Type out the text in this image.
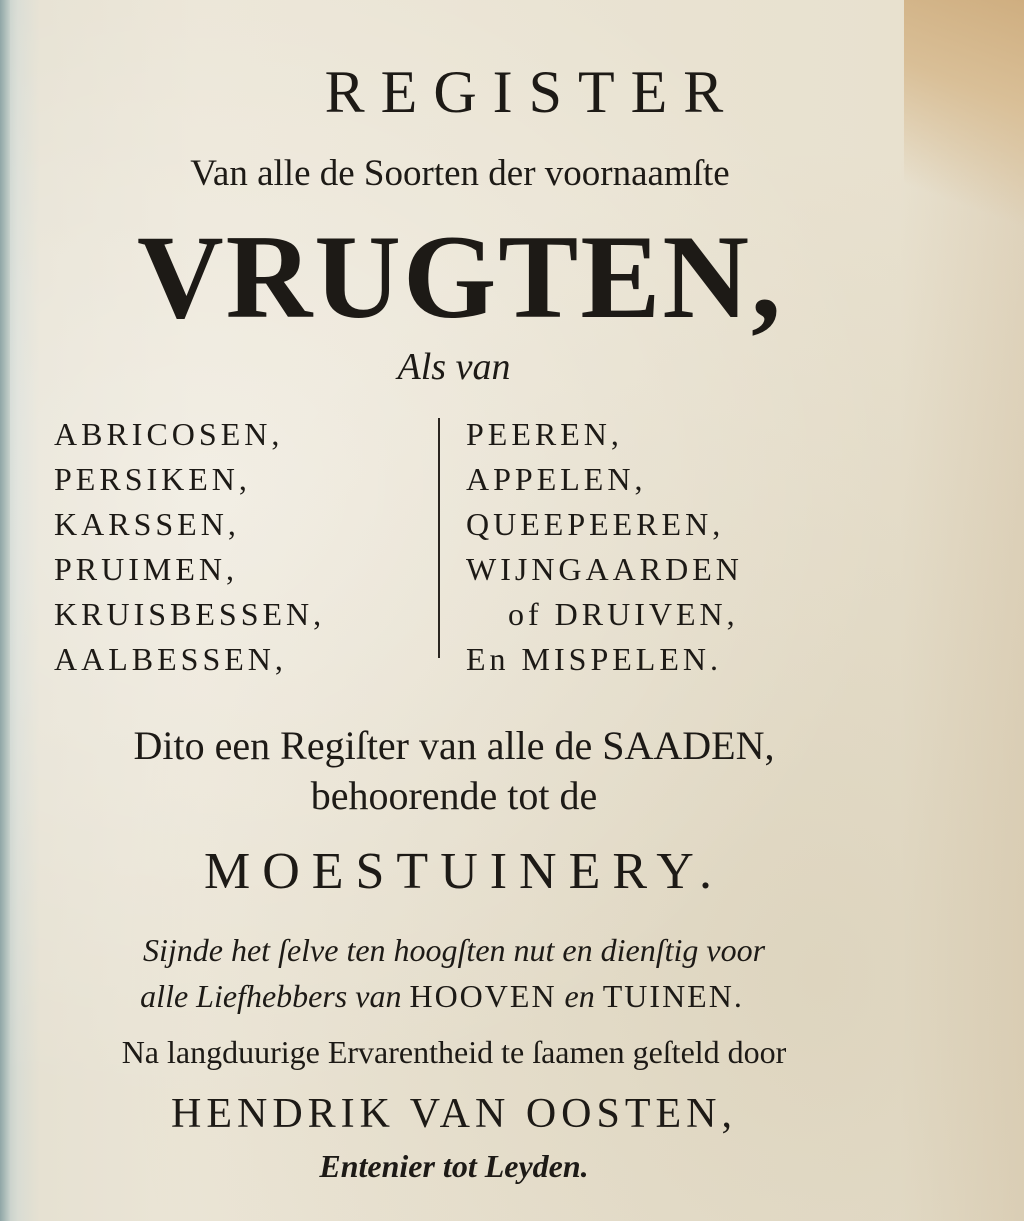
REGISTER
Van alle de Soorten der voornaamſte
VRUGTEN,
Als van
ABRICOSEN,
PERSIKEN,
KARSSEN,
PRUIMEN,
KRUISBESSEN,
AALBESSEN,
PEEREN,
APPELEN,
QUEEPEEREN,
WIJNGAARDEN
of DRUIVEN,
En MISPELEN.
Dito een Regiſter van alle de SAADEN,
behoorende tot de
MOESTUINERY.
Sijnde het ſelve ten hoogſten nut en dienſtig voor
alle Liefhebbers van HOOVEN en TUINEN.
Na langduurige Ervarentheid te ſaamen geſteld door
HENDRIK VAN OOSTEN,
Entenier tot Leyden.
